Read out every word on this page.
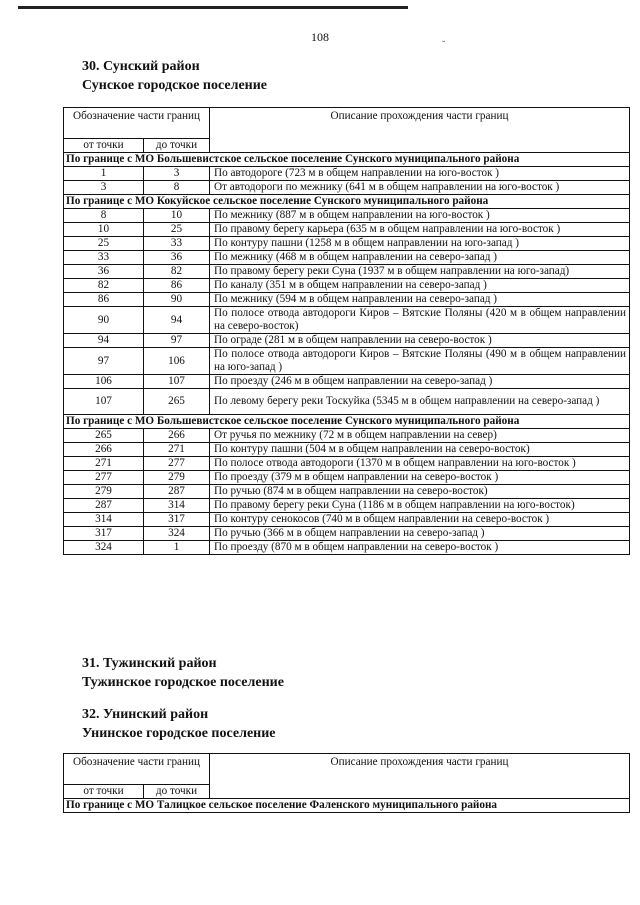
108
˘
30. Сунский район
Сунское городское поселение
Обозначение части границ		Описание прохождения части границ
от точки	до точки	
По границе с МО Большевистское сельское поселение Сунского муниципального района		
1	3	По автодороге (723 м в общем направлении на юго-восток )
3	8	От автодороги по межнику (641 м в общем направлении на юго-восток )
По границе с МО Кокуйское сельское поселение Сунского муниципального района		
8	10	По межнику (887 м в общем направлении на юго-восток )
10	25	По правому берегу карьера (635 м в общем направлении на юго-восток )
25	33	По контуру пашни (1258 м в общем направлении на юго-запад )
33	36	По межнику (468 м в общем направлении на северо-запад )
36	82	По правому берегу реки Суна (1937 м в общем направлении на юго-запад)
82	86	По каналу (351 м в общем направлении на северо-запад )
86	90	По межнику (594 м в общем направлении на северо-запад )
90	94	По полосе отвода автодороги Киров – Вятские Поляны (420 м в общем направлении на северо-восток)
94	97	По ограде (281 м в общем направлении на северо-восток )
97	106	По полосе отвода автодороги Киров – Вятские Поляны (490 м в общем направлении на юго-запад )
106	107	По проезду (246 м в общем направлении на северо-запад )
107	265	По левому берегу реки Тоскуйка (5345 м в общем направлении на северо-запад )
По границе с МО Большевистское сельское поселение Сунского муниципального района		
265	266	От ручья по межнику (72 м в общем направлении на север)
266	271	По контуру пашни (504 м в общем направлении на северо-восток)
271	277	По полосе отвода автодороги (1370 м в общем направлении на юго-восток )
277	279	По проезду (379 м в общем направлении на северо-восток )
279	287	По ручью (874 м в общем направлении на северо-восток)
287	314	По правому берегу реки Суна (1186 м в общем направлении на юго-восток)
314	317	По контуру сенокосов (740 м в общем направлении на северо-восток )
317	324	По ручью (366 м в общем направлении на северо-запад )
324	1	По проезду (870 м в общем направлении на северо-восток )
31. Тужинский район
Тужинское городское поселение
32. Унинский район
Унинское городское поселение
Обозначение части границ		Описание прохождения части границ
от точки	до точки	
По границе с МО Талицкое сельское поселение Фаленского муниципального района		
